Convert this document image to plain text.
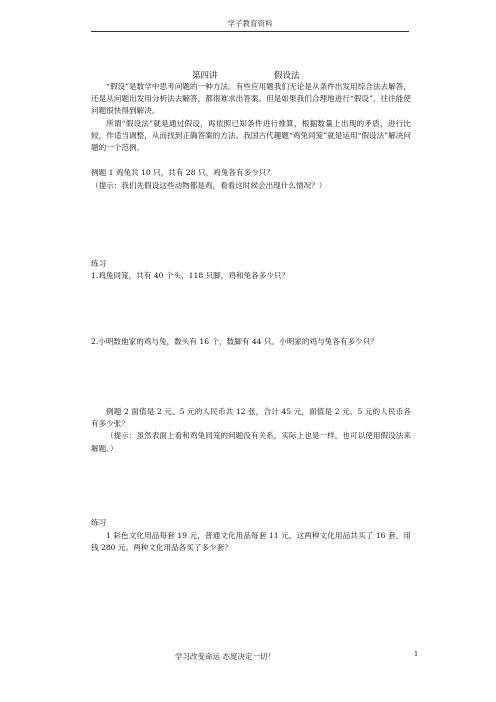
学子教育资料
第四讲	假设法

“假设”是数学中思考问题的一种方法。有些应用题我们无论是从条件出发用综合法去解答，还是从问题出发用分析法去解答，都很难求出答案。但是如果我们合理地进行“假设”，往往能使问题很快得到解决。

所谓“假设法”就是通过假设，再依照已知条件进行推算，根据数量上出现的矛盾，进行比较，作适当调整，从而找到正确答案的方法。我国古代趣题“鸡兔同笼”就是运用“假设法”解决问题的一个范例。

例题 1 鸡兔共 10 只，共有 28 只，鸡兔各有多少只？
（提示：我们先假设这些动物都是鸡，看看这时候会出现什么情况？）
练习
1.鸡兔同笼，共有 40 个头，118 只脚，鸡和兔各多少只？
2.小明数他家的鸡与兔，数头有 16 个，数脚有 44 只。小明家的鸡与兔各有多少只？

例题 2 面值是 2 元、5 元的人民币共 12 张，合计 45 元，面值是 2 元、5 元的人民币各有多少张？

（提示：虽然表面上看和鸡兔同笼的问题没有关系，实际上也是一样，也可以使用假设法来解题。）

练习

1 彩色文化用品每套 19 元，普通文化用品每套 11 元，这两种文化用品共买了 16 套，用钱 280 元。两种文化用品各买了多少套？

学习改变命运 态度决定一切！	1
